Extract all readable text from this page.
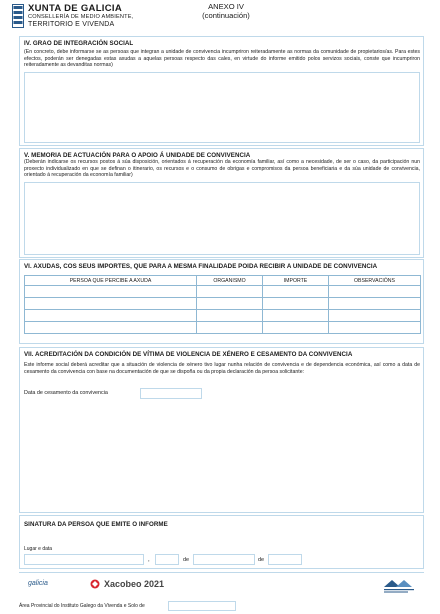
XUNTA DE GALICIA
CONSELLERÍA DE MEDIO AMBIENTE,
TERRITORIO E VIVENDA
ANEXO IV
(continuación)
IV. GRAO DE INTEGRACIÓN SOCIAL
(En concreto, debe informarse se as persoas que integran a unidade de convivencia incumpriron reiteradamente as normas da comunidade de propietarios/as. Para estes efectos, poderán ser denegadas estas axudas a aquelas persoas respecto das cales, en virtude do informe emitido polos servizos sociais, conste que incumpriron reiteradamente as devanditas normas)
V. MEMORIA DE ACTUACIÓN PARA O APOIO Á UNIDADE DE CONVIVENCIA
(Deberán indicarse os recursos postos á súa disposición, orientados á recuperación da economía familiar, así como a necesidade, de ser o caso, da participación nun proxecto individualizado en que se definan o itinerario, os recursos e o consumo de obrigas e compromisos da persoa beneficiaria e da súa unidade de convivencia, orientado á recuperación da economía familiar)
VI. AXUDAS, COS SEUS IMPORTES, QUE PARA A MESMA FINALIDADE POIDA RECIBIR A UNIDADE DE CONVIVENCIA
PERSOA QUE PERCIBE A AXUDA	ORGANISMO	IMPORTE	OBSERVACIÓNS

VII. ACREDITACIÓN DA CONDICIÓN DE VÍTIMA DE VIOLENCIA DE XÉNERO E CESAMENTO DA CONVIVENCIA
Este informe social deberá acreditar que a situación de violencia de xénero tivo lugar nunha relación de convivencia e de dependencia económica, así como a data de cesamento da convivencia con base na documentación de que se dispoña ou da propia declaración da persoa solicitante:
Data de cesamento da convivencia
SINATURA DA PERSOA QUE EMITE O INFORME
Lugar e data
,	de	de
galicia	Xacobeo 2021
Área Provincial do Instituto Galego da Vivenda e Solo de
